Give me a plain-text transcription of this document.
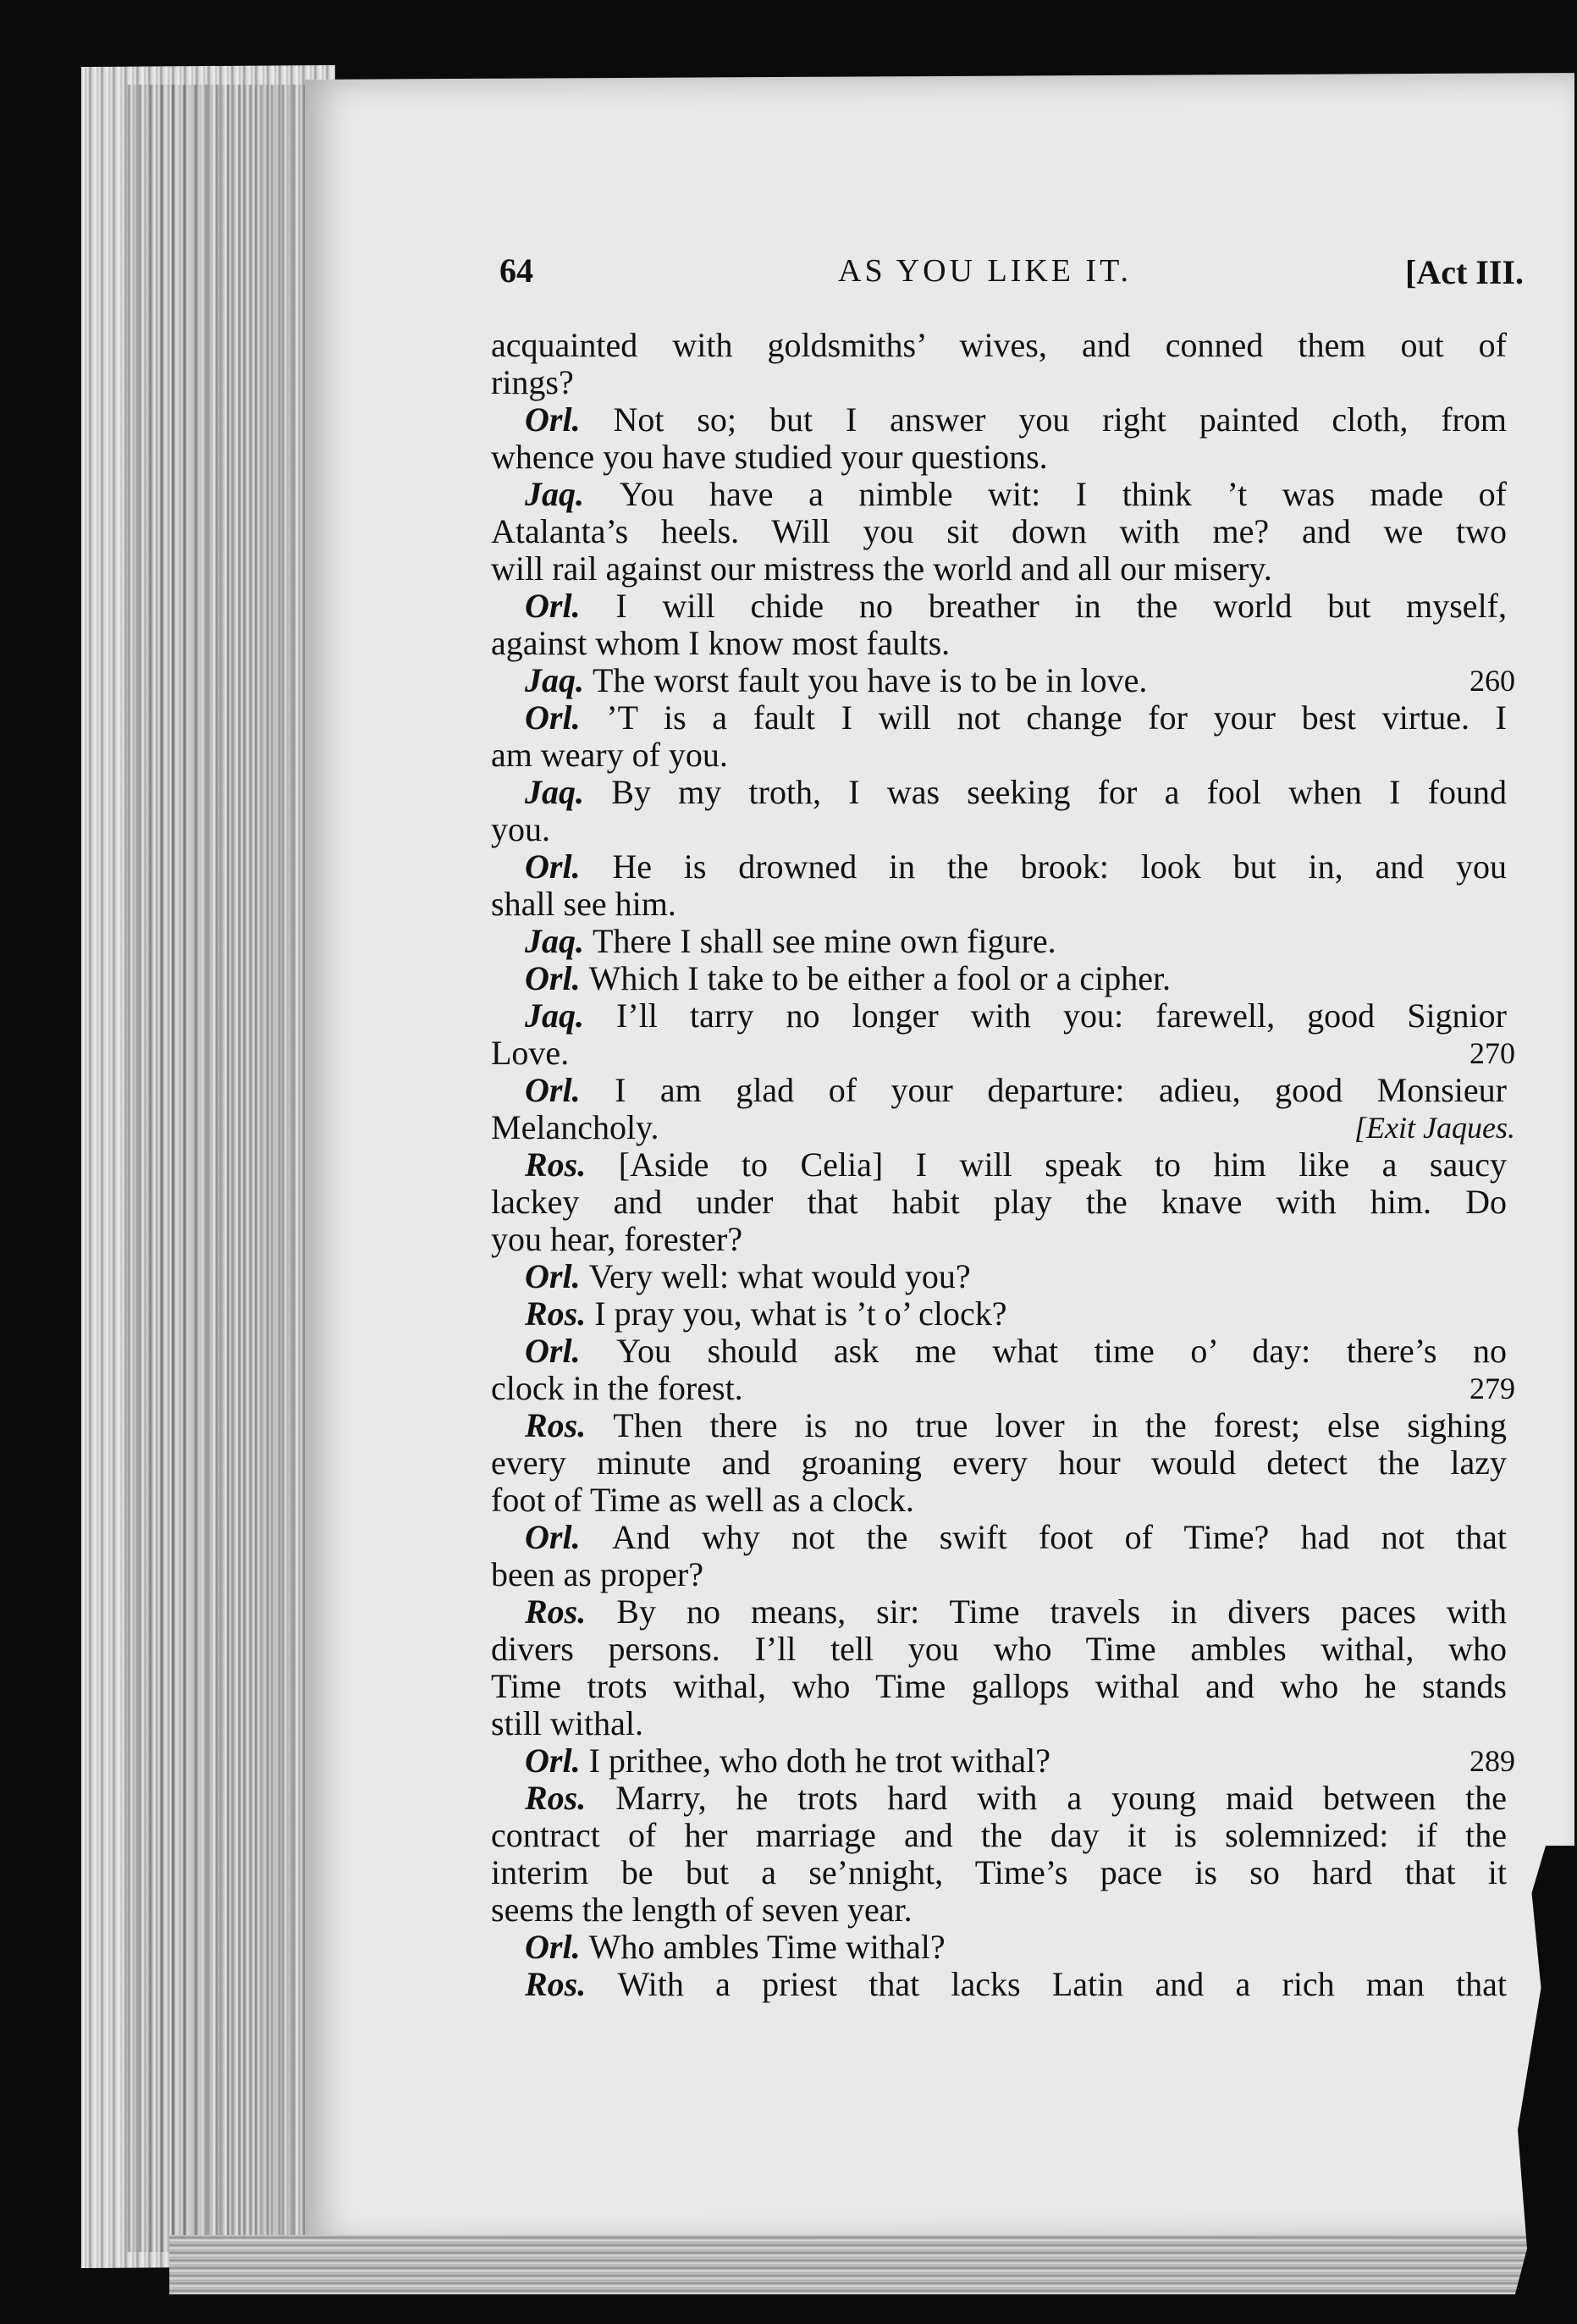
64	AS YOU LIKE IT.	[Act III.
acquainted with goldsmiths’ wives, and conned them out of
rings?
Orl. Not so; but I answer you right painted cloth, from
whence you have studied your questions.
Jaq. You have a nimble wit: I think ’t was made of
Atalanta’s heels. Will you sit down with me? and we two
will rail against our mistress the world and all our misery.
Orl. I will chide no breather in the world but myself,
against whom I know most faults.
Jaq. The worst fault you have is to be in love.	260
Orl. ’T is a fault I will not change for your best virtue. I
am weary of you.
Jaq. By my troth, I was seeking for a fool when I found
you.
Orl. He is drowned in the brook: look but in, and you
shall see him.
Jaq. There I shall see mine own figure.
Orl. Which I take to be either a fool or a cipher.
Jaq. I’ll tarry no longer with you: farewell, good Signior
Love.	270
Orl. I am glad of your departure: adieu, good Monsieur
Melancholy.	[Exit Jaques.
Ros. [Aside to Celia] I will speak to him like a saucy
lackey and under that habit play the knave with him. Do
you hear, forester?
Orl. Very well: what would you?
Ros. I pray you, what is ’t o’ clock?
Orl. You should ask me what time o’ day: there’s no
clock in the forest.	279
Ros. Then there is no true lover in the forest; else sighing
every minute and groaning every hour would detect the lazy
foot of Time as well as a clock.
Orl. And why not the swift foot of Time? had not that
been as proper?
Ros. By no means, sir: Time travels in divers paces with
divers persons. I’ll tell you who Time ambles withal, who
Time trots withal, who Time gallops withal and who he stands
still withal.
Orl. I prithee, who doth he trot withal?	289
Ros. Marry, he trots hard with a young maid between the
contract of her marriage and the day it is solemnized: if the
interim be but a se’nnight, Time’s pace is so hard that it
seems the length of seven year.
Orl. Who ambles Time withal?
Ros. With a priest that lacks Latin and a rich man that
